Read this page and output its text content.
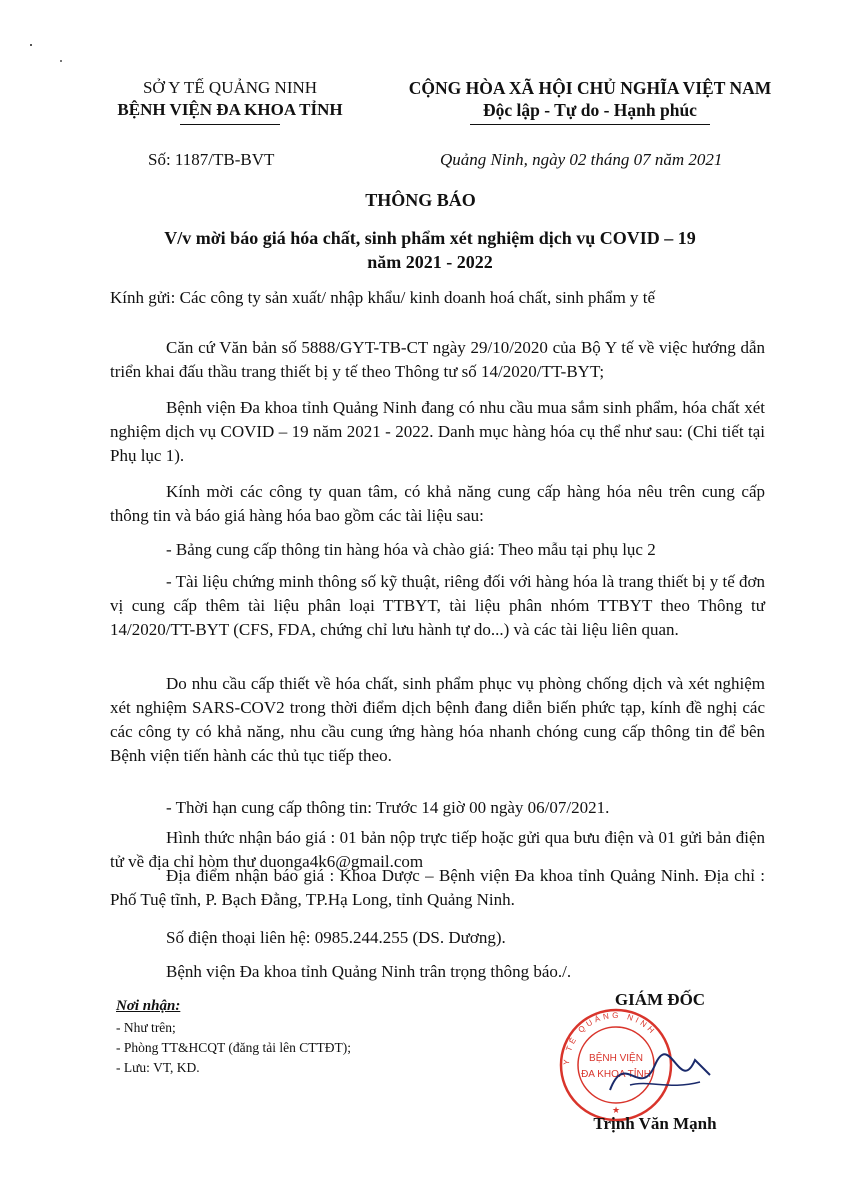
SỞ Y TẾ QUẢNG NINH
BỆNH VIỆN ĐA KHOA TỈNH
CỘNG HÒA XÃ HỘI CHỦ NGHĨA VIỆT NAM
Độc lập - Tự do - Hạnh phúc
Số: 1187/TB-BVT	Quảng Ninh, ngày 02 tháng 07 năm 2021
THÔNG BÁO
V/v mời báo giá hóa chất, sinh phẩm xét nghiệm dịch vụ COVID – 19 năm 2021 - 2022
Kính gửi: Các công ty sản xuất/ nhập khẩu/ kinh doanh hoá chất, sinh phẩm y tế
Căn cứ Văn bản số 5888/GYT-TB-CT ngày 29/10/2020 của Bộ Y tế về việc hướng dẫn triển khai đấu thầu trang thiết bị y tế theo Thông tư số 14/2020/TT-BYT;
Bệnh viện Đa khoa tỉnh Quảng Ninh đang có nhu cầu mua sắm sinh phẩm, hóa chất xét nghiệm dịch vụ COVID – 19 năm 2021 - 2022. Danh mục hàng hóa cụ thể như sau: (Chi tiết tại Phụ lục 1).
Kính mời các công ty quan tâm, có khả năng cung cấp hàng hóa nêu trên cung cấp thông tin và báo giá hàng hóa bao gồm các tài liệu sau:
- Bảng cung cấp thông tin hàng hóa và chào giá: Theo mẫu tại phụ lục 2
- Tài liệu chứng minh thông số kỹ thuật, riêng đối với hàng hóa là trang thiết bị y tế đơn vị cung cấp thêm tài liệu phân loại TTBYT, tài liệu phân nhóm TTBYT theo Thông tư 14/2020/TT-BYT (CFS, FDA, chứng chỉ lưu hành tự do...) và các tài liệu liên quan.
Do nhu cầu cấp thiết về hóa chất, sinh phẩm phục vụ phòng chống dịch và xét nghiệm xét nghiệm SARS-COV2 trong thời điểm dịch bệnh đang diễn biến phức tạp, kính đề nghị các các công ty có khả năng, nhu cầu cung ứng hàng hóa nhanh chóng cung cấp thông tin để bên Bệnh viện tiến hành các thủ tục tiếp theo.
- Thời hạn cung cấp thông tin: Trước 14 giờ 00 ngày 06/07/2021.
Hình thức nhận báo giá : 01 bản nộp trực tiếp hoặc gửi qua bưu điện và 01 gửi bản điện tử về địa chỉ hòm thư duonga4k6@gmail.com
Địa điểm nhận báo giá : Khoa Dược – Bệnh viện Đa khoa tỉnh Quảng Ninh. Địa chỉ : Phố Tuệ tĩnh, P. Bạch Đằng, TP.Hạ Long, tỉnh Quảng Ninh.
Số điện thoại liên hệ: 0985.244.255 (DS. Dương).
Bệnh viện Đa khoa tỉnh Quảng Ninh trân trọng thông báo./.
Nơi nhận:
- Như trên;
- Phòng TT&HCQT (đăng tải lên CTTĐT);
- Lưu: VT, KD.	Y TẾ QUẢNG NINH
BỆNH VIỆN
ĐA KHOA TỈNH
★
GIÁM ĐỐC
Trịnh Văn Mạnh
